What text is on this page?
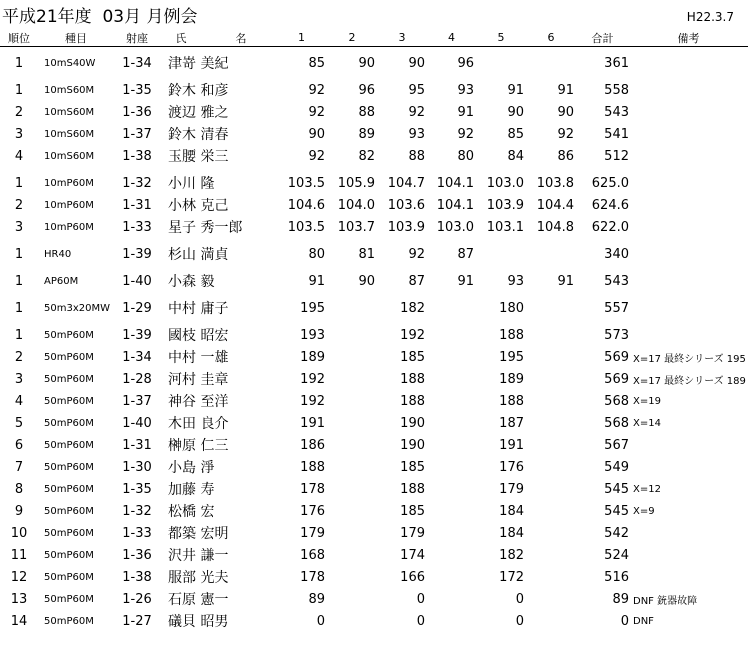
平成21年度  03月 月例会	H22.3.7
順位	種目	射座	氏  名	1	2	3	4	5	6	合計	備考

1	10mS40W	1-34	津嵜 美紀	85	90	90	96			361	

1	10mS60M	1-35	鈴木 和彦	92	96	95	93	91	91	558	
2	10mS60M	1-36	渡辺 雅之	92	88	92	91	90	90	543	
3	10mS60M	1-37	鈴木 清春	90	89	93	92	85	92	541	
4	10mS60M	1-38	玉腰 栄三	92	82	88	80	84	86	512	

1	10mP60M	1-32	小川 隆	103.5	105.9	104.7	104.1	103.0	103.8	625.0	
2	10mP60M	1-31	小林 克己	104.6	104.0	103.6	104.1	103.9	104.4	624.6	
3	10mP60M	1-33	星子 秀一郎	103.5	103.7	103.9	103.0	103.1	104.8	622.0	

1	HR40	1-39	杉山 満貞	80	81	92	87			340	

1	AP60M	1-40	小森 毅	91	90	87	91	93	91	543	

1	50m3x20MW	1-29	中村 庸子	195		182		180		557	

1	50mP60M	1-39	國枝 昭宏	193		192		188		573	
2	50mP60M	1-34	中村 一雄	189		185		195		569	X=17 最終シリーズ 195
3	50mP60M	1-28	河村 圭章	192		188		189		569	X=17 最終シリーズ 189
4	50mP60M	1-37	神谷 至洋	192		188		188		568	X=19
5	50mP60M	1-40	木田 良介	191		190		187		568	X=14
6	50mP60M	1-31	榊原 仁三	186		190		191		567	
7	50mP60M	1-30	小島 淨	188		185		176		549	
8	50mP60M	1-35	加藤 寿	178		188		179		545	X=12
9	50mP60M	1-32	松橋 宏	176		185		184		545	X=9
10	50mP60M	1-33	都築 宏明	179		179		184		542	
11	50mP60M	1-36	沢井 謙一	168		174		182		524	
12	50mP60M	1-38	服部 光夫	178		166		172		516	
13	50mP60M	1-26	石原 憲一	89		0		0		89	DNF 銃器故障
14	50mP60M	1-27	礒貝 昭男	0		0		0		0	DNF
